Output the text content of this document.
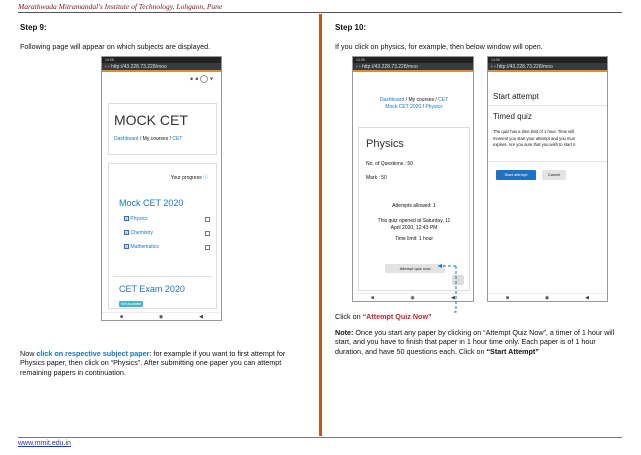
Marathwada Mitramandal's Institute of Technology, Lohgaon, Pune
www.mmit.edu.in
Step 9:
Following page will appear on which subjects are displayed.
14:05
‹ › http://43.228.73.228/moo
● ● ▾
MOCK CET
Dashboard / My courses / CET
Your progress ⓘ
Mock CET 2020
✓ Physics
✓ Chemistry
✓ Mathematics
CET Exam 2020
Not available
■	◉	◀
Now click on respective subject paper: for example if you want to first attempt for Physics paper, then click on “Physics”. After submitting one paper you can attempt remaining papers in continuation.
Step 10:
If you click on physics, for example, then below window will open.
14:06
‹ › http://43.228.73.228/moo
Dashboard / My courses / CET
Mock CET 2020 / Physics
Physics
No. of Questions : 50
Mark : 50
Attempts allowed: 1
This quiz opened at Saturday, 11
April 2020, 12:43 PM
Time limit: 1 hour
Attempt quiz now
■	◉	◀
14:06
‹ › http://43.228.73.228/moo
Start attempt
Timed quiz
The quiz has a time limit of 1 hour. Time will
moment you start your attempt and you mus
expires. Are you sure that you wish to start n
Start attempt	Cancel
■	◉	◀
Click on “Attempt Quiz Now”
Note: Once you start any paper by clicking on “Attempt Quiz Now”, a timer of 1 hour will start, and you have to finish that paper in 1 hour time only. Each paper is of 1 hour duration, and have 50 questions each. Click on “Start Attempt”
